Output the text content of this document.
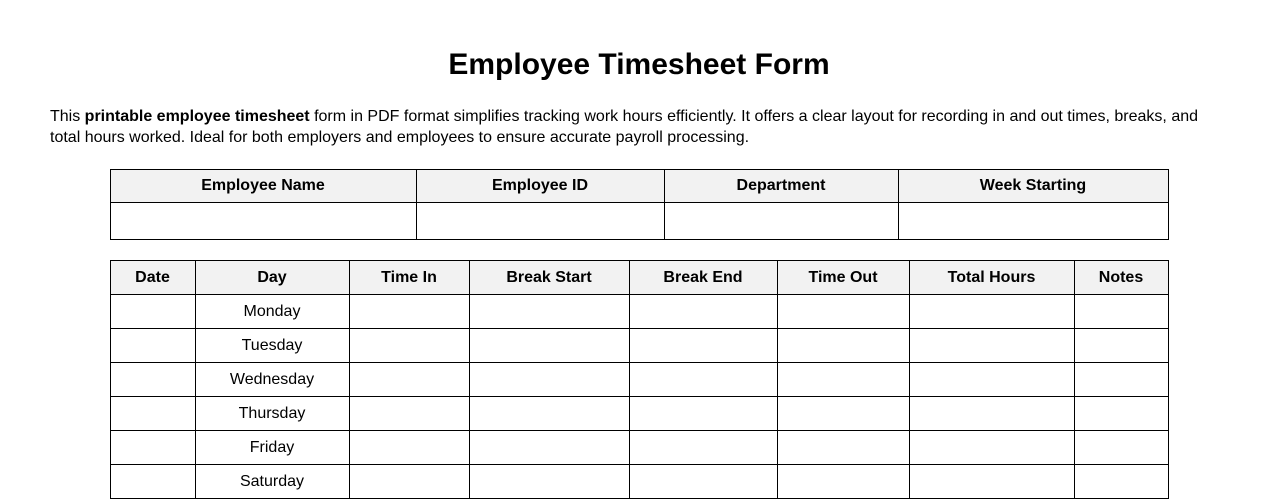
Employee Timesheet Form

This printable employee timesheet form in PDF format simplifies tracking work hours efficiently. It offers a clear layout for recording in and out times, breaks, and total hours worked. Ideal for both employers and employees to ensure accurate payroll processing.

Employee Name	Employee ID	Department	Week Starting

Date	Day	Time In	Break Start	Break End	Time Out	Total Hours	Notes
	Monday						
	Tuesday						
	Wednesday						
	Thursday						
	Friday						
	Saturday						
